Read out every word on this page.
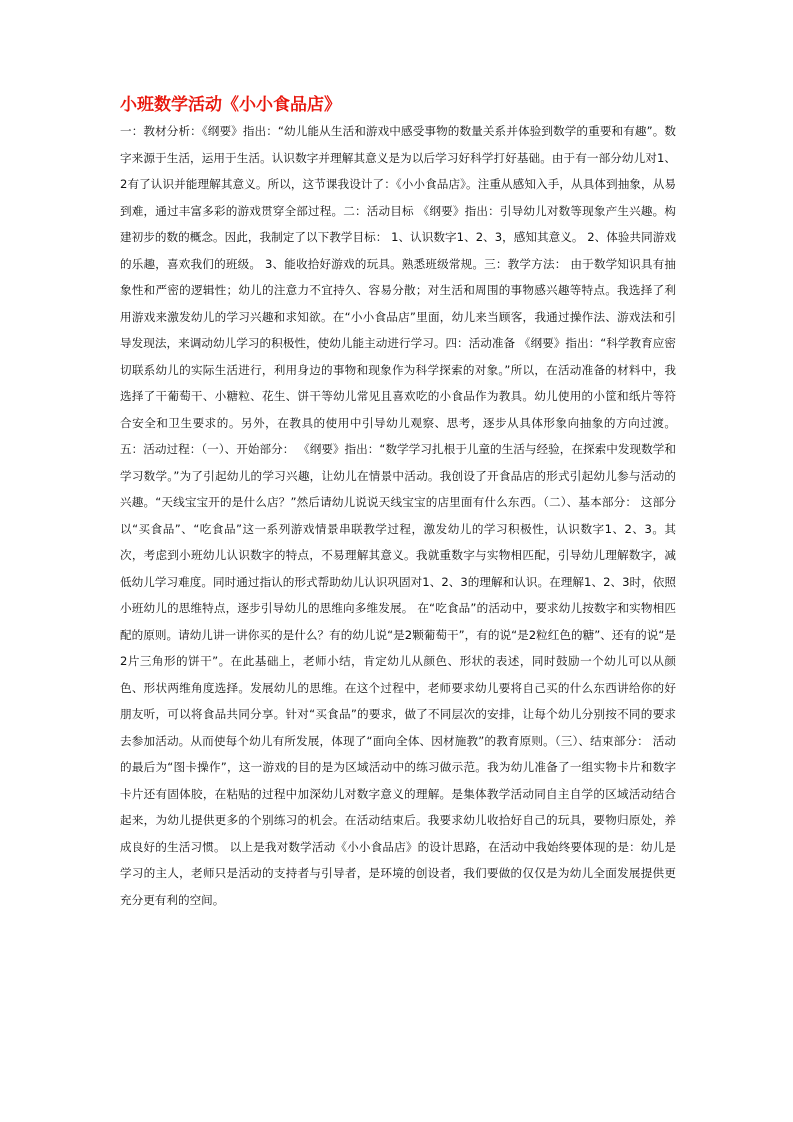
小班数学活动《小小食品店》

一：教材分析：《纲要》指出：“幼儿能从生活和游戏中感受事物的数量关系并体验到数学的重要和有趣”。数字来源于生活，运用于生活。认识数字并理解其意义是为以后学习好科学打好基础。由于有一部分幼儿对1、2有了认识并能理解其意义。所以，这节课我设计了：《小小食品店》。注重从感知入手，从具体到抽象，从易到难，通过丰富多彩的游戏贯穿全部过程。二：活动目标 《纲要》指出：引导幼儿对数等现象产生兴趣。构建初步的数的概念。因此，我制定了以下教学目标： 1、认识数字1、2、3，感知其意义。 2、体验共同游戏的乐趣，喜欢我们的班级。 3、能收拾好游戏的玩具。熟悉班级常规。三：教学方法： 由于数学知识具有抽象性和严密的逻辑性；幼儿的注意力不宜持久、容易分散；对生活和周围的事物感兴趣等特点。我选择了利用游戏来激发幼儿的学习兴趣和求知欲。在“小小食品店”里面，幼儿来当顾客，我通过操作法、游戏法和引导发现法，来调动幼儿学习的积极性，使幼儿能主动进行学习。四：活动准备 《纲要》指出：“科学教育应密切联系幼儿的实际生活进行，利用身边的事物和现象作为科学探索的对象。”所以，在活动准备的材料中，我选择了干葡萄干、小糖粒、花生、饼干等幼儿常见且喜欢吃的小食品作为教具。幼儿使用的小筐和纸片等符合安全和卫生要求的。另外，在教具的使用中引导幼儿观察、思考，逐步从具体形象向抽象的方向过渡。五：活动过程：（一）、开始部分： 《纲要》指出：“数学学习扎根于儿童的生活与经验，在探索中发现数学和学习数学。”为了引起幼儿的学习兴趣，让幼儿在情景中活动。我创设了开食品店的形式引起幼儿参与活动的兴趣。“天线宝宝开的是什么店？”然后请幼儿说说天线宝宝的店里面有什么东西。（二）、基本部分： 这部分以“买食品”、“吃食品”这一系列游戏情景串联教学过程，激发幼儿的学习积极性，认识数字1、2、3。其次，考虑到小班幼儿认识数字的特点，不易理解其意义。我就重数字与实物相匹配，引导幼儿理解数字，减低幼儿学习难度。同时通过指认的形式帮助幼儿认识巩固对1、2、3的理解和认识。在理解1、2、3时，依照小班幼儿的思维特点，逐步引导幼儿的思维向多维发展。 在“吃食品”的活动中，要求幼儿按数字和实物相匹配的原则。请幼儿讲一讲你买的是什么？有的幼儿说“是2颗葡萄干”，有的说“是2粒红色的糖”、还有的说“是2片三角形的饼干”。在此基础上，老师小结，肯定幼儿从颜色、形状的表述，同时鼓励一个幼儿可以从颜色、形状两维角度选择。发展幼儿的思维。在这个过程中，老师要求幼儿要将自己买的什么东西讲给你的好朋友听，可以将食品共同分享。针对“买食品”的要求，做了不同层次的安排，让每个幼儿分别按不同的要求去参加活动。从而使每个幼儿有所发展，体现了“面向全体、因材施教”的教育原则。（三）、结束部分： 活动的最后为“图卡操作”，这一游戏的目的是为区域活动中的练习做示范。我为幼儿准备了一组实物卡片和数字卡片还有固体胶，在粘贴的过程中加深幼儿对数字意义的理解。是集体教学活动同自主自学的区域活动结合起来，为幼儿提供更多的个别练习的机会。在活动结束后。我要求幼儿收拾好自己的玩具，要物归原处，养成良好的生活习惯。 以上是我对数学活动《小小食品店》的设计思路，在活动中我始终要体现的是：幼儿是学习的主人，老师只是活动的支持者与引导者，是环境的创设者，我们要做的仅仅是为幼儿全面发展提供更充分更有利的空间。
